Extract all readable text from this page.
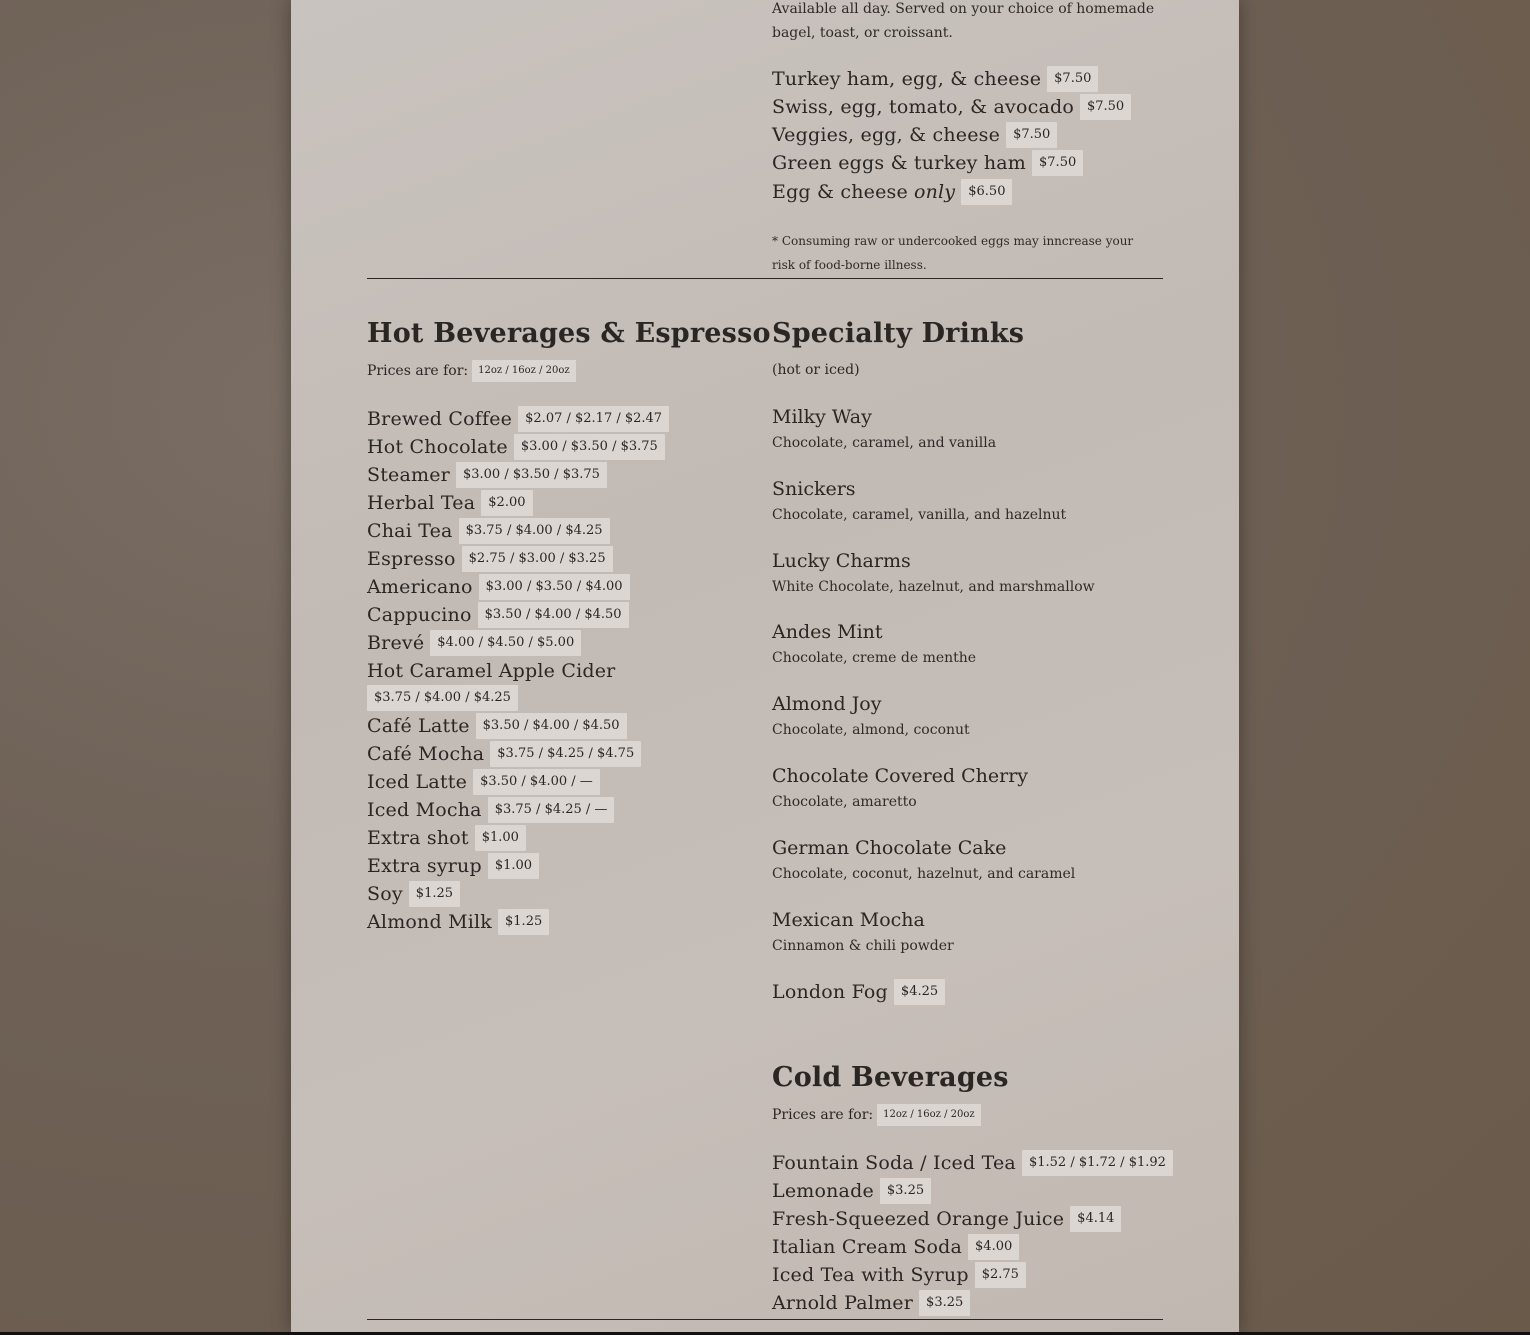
Available all day. Served on your choice of homemade bagel, toast, or croissant.
Turkey ham, egg, & cheese	$7.50
Swiss, egg, tomato, & avocado	$7.50
Veggies, egg, & cheese	$7.50
Green eggs & turkey ham	$7.50
Egg & cheese only	$6.50
* Consuming raw or undercooked eggs may inncrease your risk of food-borne illness.
Hot Beverages & Espresso
Prices are for:	12oz / 16oz / 20oz
Brewed Coffee	$2.07 / $2.17 / $2.47
Hot Chocolate	$3.00 / $3.50 / $3.75
Steamer	$3.00 / $3.50 / $3.75
Herbal Tea	$2.00
Chai Tea	$3.75 / $4.00 / $4.25
Espresso	$2.75 / $3.00 / $3.25
Americano	$3.00 / $3.50 / $4.00
Cappucino	$3.50 / $4.00 / $4.50
Brevé	$4.00 / $4.50 / $5.00
Hot Caramel Apple Cider
$3.75 / $4.00 / $4.25
Café Latte	$3.50 / $4.00 / $4.50
Café Mocha	$3.75 / $4.25 / $4.75
Iced Latte	$3.50 / $4.00 / —
Iced Mocha	$3.75 / $4.25 / —
Extra shot	$1.00
Extra syrup	$1.00
Soy	$1.25
Almond Milk	$1.25
Specialty Drinks
(hot or iced)
Milky Way
Chocolate, caramel, and vanilla
Snickers
Chocolate, caramel, vanilla, and hazelnut
Lucky Charms
White Chocolate, hazelnut, and marshmallow
Andes Mint
Chocolate, creme de menthe
Almond Joy
Chocolate, almond, coconut
Chocolate Covered Cherry
Chocolate, amaretto
German Chocolate Cake
Chocolate, coconut, hazelnut, and caramel
Mexican Mocha
Cinnamon & chili powder
London Fog	$4.25
Cold Beverages
Prices are for:	12oz / 16oz / 20oz
Fountain Soda / Iced Tea	$1.52 / $1.72 / $1.92
Lemonade	$3.25
Fresh-Squeezed Orange Juice	$4.14
Italian Cream Soda	$4.00
Iced Tea with Syrup	$2.75
Arnold Palmer	$3.25
